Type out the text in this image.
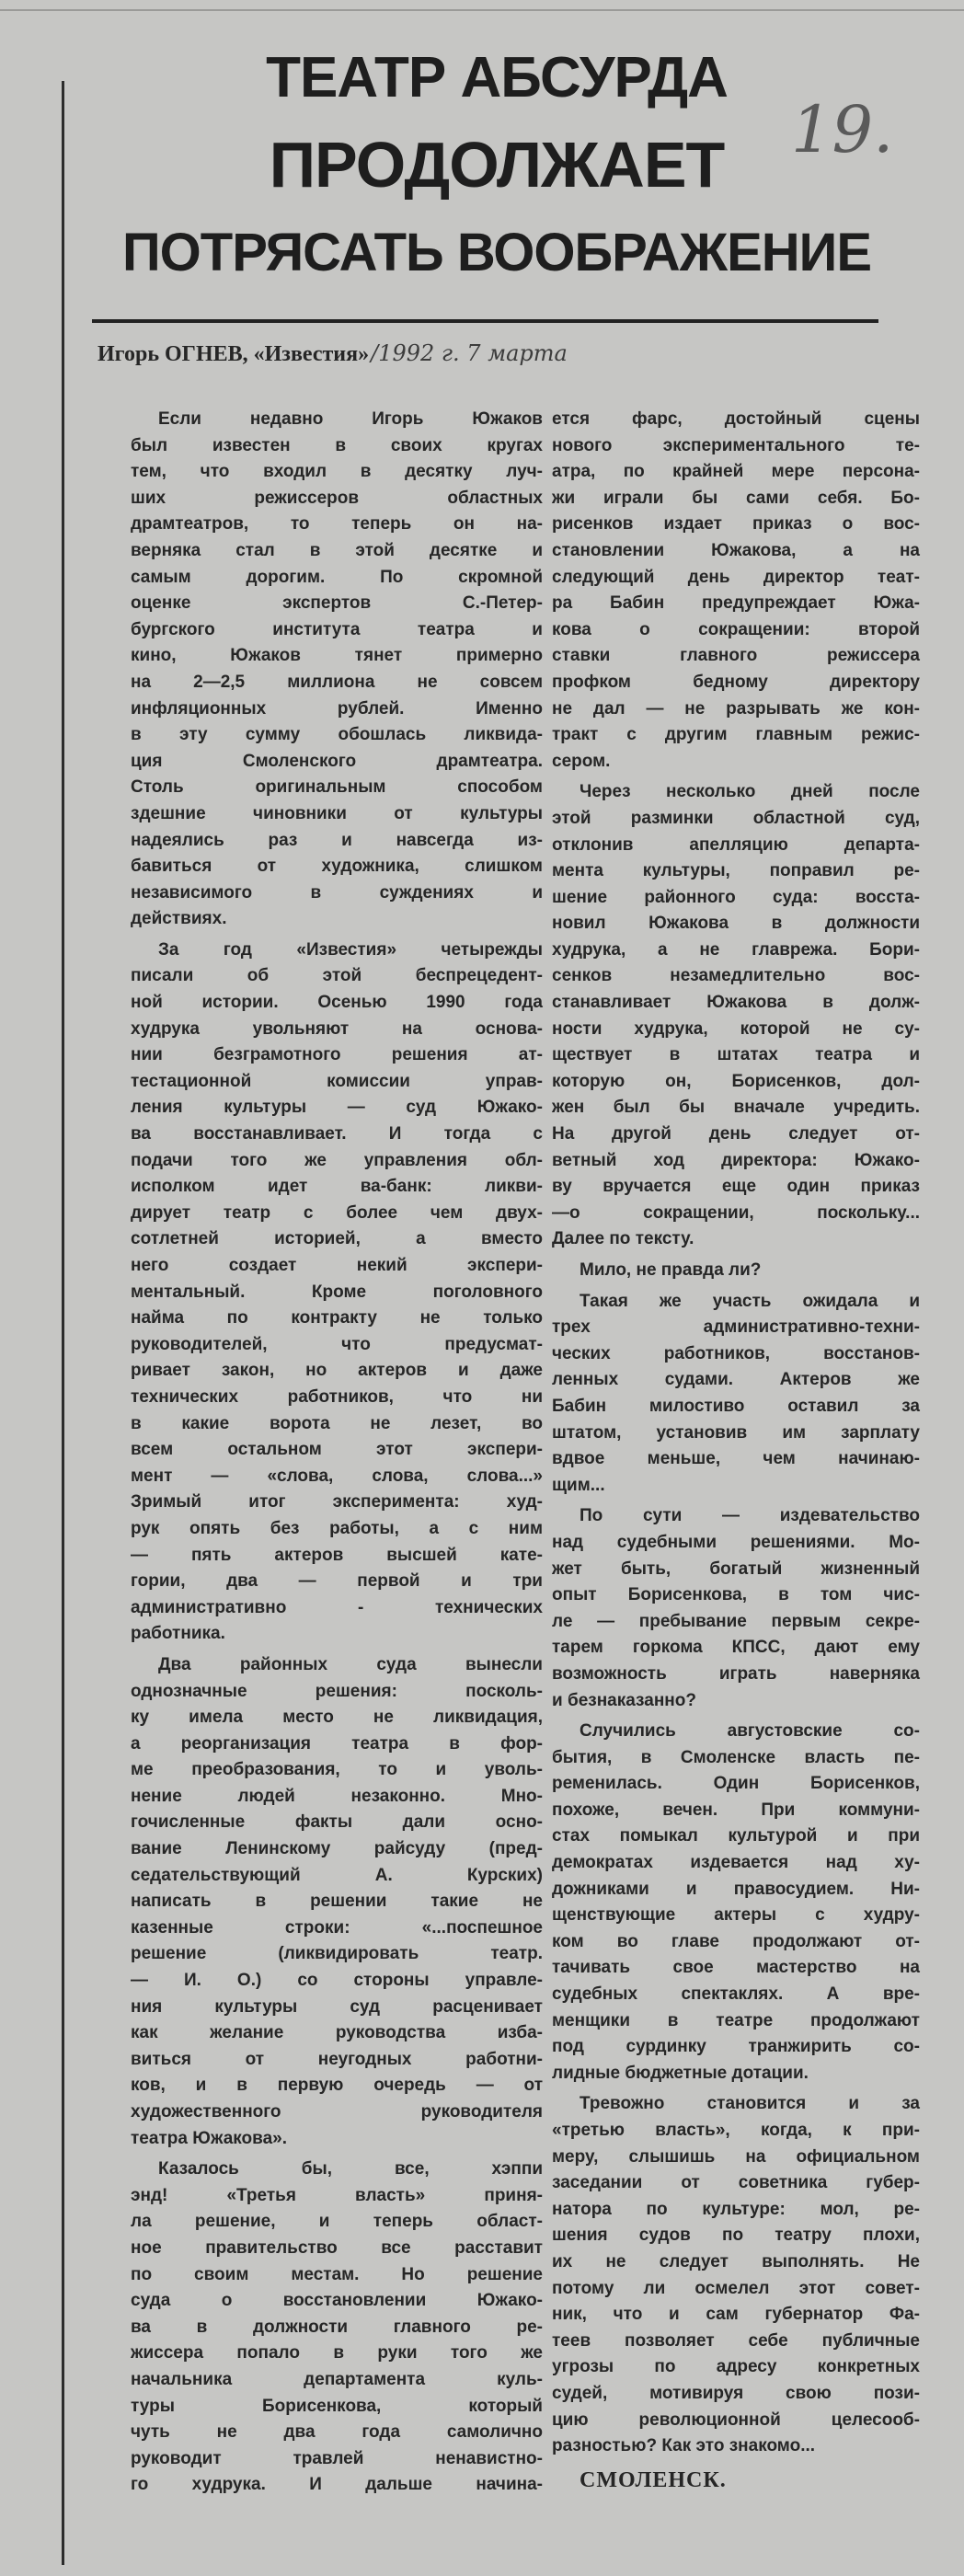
ТЕАТР АБСУРДА
ПРОДОЛЖАЕТ
ПОТРЯСАТЬ ВООБРАЖЕНИЕ
19.
Игорь ОГНЕВ, «Известия»/1992 г. 7 марта
Если недавно Игорь Южаков
был известен в своих кругах
тем, что входил в десятку луч-
ших режиссеров областных
драмтеатров, то теперь он на-
верняка стал в этой десятке и
самым дорогим. По скромной
оценке экспертов С.-Петер-
бургского института театра и
кино, Южаков тянет примерно
на 2—2,5 миллиона не совсем
инфляционных рублей. Именно
в эту сумму обошлась ликвида-
ция Смоленского драмтеатра.
Столь оригинальным способом
здешние чиновники от культуры
надеялись раз и навсегда из-
бавиться от художника, слишком
независимого в суждениях и
действиях.
За год «Известия» четырежды
писали об этой беспрецедент-
ной истории. Осенью 1990 года
худрука увольняют на основа-
нии безграмотного решения ат-
тестационной комиссии управ-
ления культуры — суд Южако-
ва восстанавливает. И тогда с
подачи того же управления обл-
исполком идет ва-банк: ликви-
дирует театр с более чем двух-
сотлетней историей, а вместо
него создает некий экспери-
ментальный. Кроме поголовного
найма по контракту не только
руководителей, что предусмат-
ривает закон, но актеров и даже
технических работников, что ни
в какие ворота не лезет, во
всем остальном этот экспери-
мент — «слова, слова, слова...»
Зримый итог эксперимента: худ-
рук опять без работы, а с ним
— пять актеров высшей кате-
гории, два — первой и три
административно - технических
работника.
Два районных суда вынесли
однозначные решения: посколь-
ку имела место не ликвидация,
а реорганизация театра в фор-
ме преобразования, то и уволь-
нение людей незаконно. Мно-
гочисленные факты дали осно-
вание Ленинскому райсуду (пред-
седательствующий А. Курских)
написать в решении такие не
казенные строки: «...поспешное
решение (ликвидировать театр.
— И. О.) со стороны управле-
ния культуры суд расценивает
как желание руководства изба-
виться от неугодных работни-
ков, и в первую очередь — от
художественного руководителя
театра Южакова».
Казалось бы, все, хэппи
энд! «Третья власть» приня-
ла решение, и теперь област-
ное правительство все расставит
по своим местам. Но решение
суда о восстановлении Южако-
ва в должности главного ре-
жиссера попало в руки того же
начальника департамента куль-
туры Борисенкова, который
чуть не два года самолично
руководит травлей ненавистно-
го худрука. И дальше начина-
ется фарс, достойный сцены
нового экспериментального те-
атра, по крайней мере персона-
жи играли бы сами себя. Бо-
рисенков издает приказ о вос-
становлении Южакова, а на
следующий день директор теат-
ра Бабин предупреждает Южа-
кова о сокращении: второй
ставки главного режиссера
профком бедному директору
не дал — не разрывать же кон-
тракт с другим главным режис-
сером.
Через несколько дней после
этой разминки областной суд,
отклонив апелляцию департа-
мента культуры, поправил ре-
шение районного суда: восста-
новил Южакова в должности
худрука, а не главрежа. Бори-
сенков незамедлительно вос-
станавливает Южакова в долж-
ности худрука, которой не су-
ществует в штатах театра и
которую он, Борисенков, дол-
жен был бы вначале учредить.
На другой день следует от-
ветный ход директора: Южако-
ву вручается еще один приказ
—о сокращении, поскольку...
Далее по тексту.
Мило, не правда ли?
Такая же участь ожидала и
трех административно-техни-
ческих работников, восстанов-
ленных судами. Актеров же
Бабин милостиво оставил за
штатом, установив им зарплату
вдвое меньше, чем начинаю-
щим...
По сути — издевательство
над судебными решениями. Мо-
жет быть, богатый жизненный
опыт Борисенкова, в том чис-
ле — пребывание первым секре-
тарем горкома КПСС, дают ему
возможность играть наверняка
и безнаказанно?
Случились августовские со-
бытия, в Смоленске власть пе-
ременилась. Один Борисенков,
похоже, вечен. При коммуни-
стах помыкал культурой и при
демократах издевается над ху-
дожниками и правосудием. Ни-
щенствующие актеры с худру-
ком во главе продолжают от-
тачивать свое мастерство на
судебных спектаклях. А вре-
менщики в театре продолжают
под сурдинку транжирить со-
лидные бюджетные дотации.
Тревожно становится и за
«третью власть», когда, к при-
меру, слышишь на официальном
заседании от советника губер-
натора по культуре: мол, ре-
шения судов по театру плохи,
их не следует выполнять. Не
потому ли осмелел этот совет-
ник, что и сам губернатор Фа-
теев позволяет себе публичные
угрозы по адресу конкретных
судей, мотивируя свою пози-
цию революционной целесооб-
разностью? Как это знакомо...
СМОЛЕНСК.
